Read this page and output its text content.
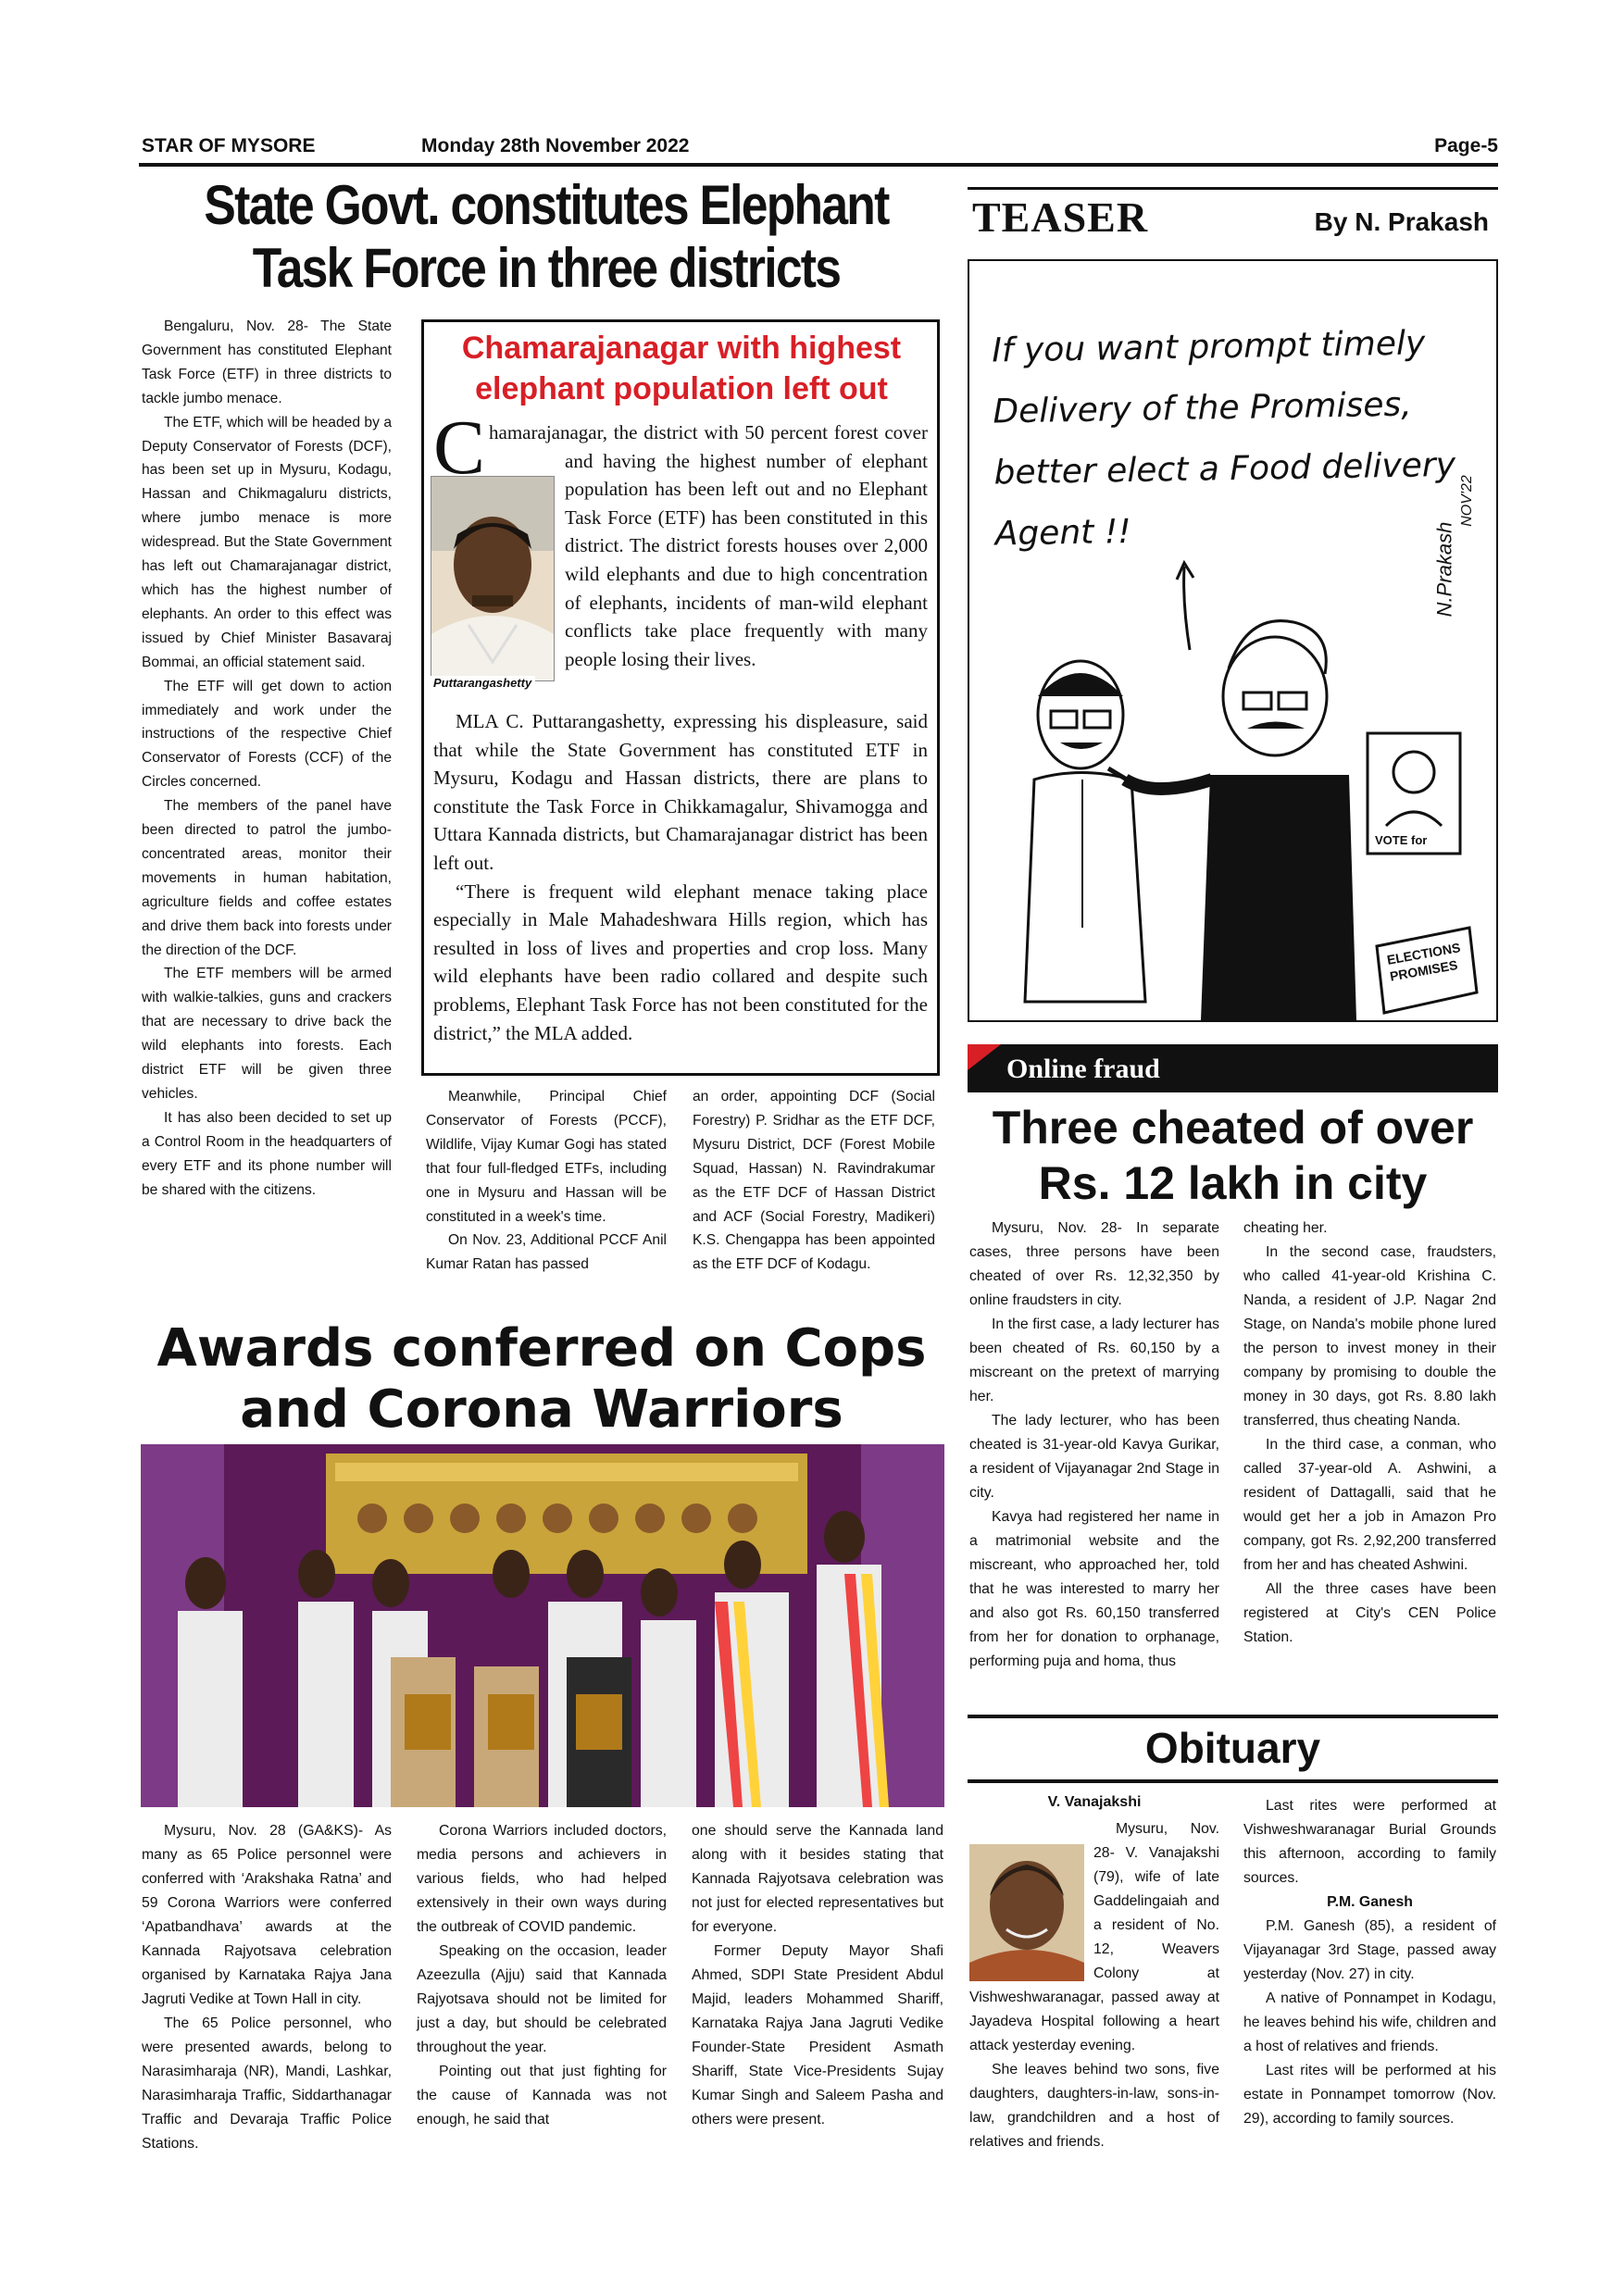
STAR OF MYSORE	Monday 28th November 2022	Page-5
State Govt. constitutes Elephant Task Force in three districts

Bengaluru, Nov. 28- The State Government has constituted Elephant Task Force (ETF) in three districts to tackle jumbo menace.

The ETF, which will be headed by a Deputy Conservator of Forests (DCF), has been set up in Mysuru, Kodagu, Hassan and Chikmagaluru districts, where jumbo menace is more widespread. But the State Government has left out Chamarajanagar district, which has the highest number of elephants. An order to this effect was issued by Chief Minister Basavaraj Bommai, an official statement said.

The ETF will get down to action immediately and work under the instructions of the respective Chief Conservator of Forests (CCF) of the Circles concerned.

The members of the panel have been directed to patrol the jumbo-concentrated areas, monitor their movements in human habitation, agriculture fields and coffee estates and drive them back into forests under the direction of the DCF.

The ETF members will be armed with walkie-talkies, guns and crackers that are necessary to drive back the wild elephants into forests. Each district ETF will be given three vehicles.

It has also been decided to set up a Control Room in the headquarters of every ETF and its phone number will be shared with the citizens.

Chamarajanagar with highest elephant population left out
Puttarangashetty
C hamarajanagar, the district with 50 percent forest cover and having the highest number of elephant population has been left out and no Elephant Task Force (ETF) has been constituted in this district. The district forests houses over 2,000 wild elephants and due to high concentration of elephants, incidents of man-wild elephant conflicts take place frequently with many people losing their lives.

MLA C. Puttarangashetty, expressing his displeasure, said that while the State Government has constituted ETF in Mysuru, Kodagu and Hassan districts, there are plans to constitute the Task Force in Chikkamagalur, Shivamogga and Uttara Kannada districts, but Chamarajanagar district has been left out.

“There is frequent wild elephant menace taking place especially in Male Mahadeshwara Hills region, which has resulted in loss of lives and properties and crop loss. Many wild elephants have been radio collared and despite such problems, Elephant Task Force has not been constituted for the district,” the MLA added.

Meanwhile, Principal Chief Conservator of Forests (PCCF), Wildlife, Vijay Kumar Gogi has stated that four full-fledged ETFs, including one in Mysuru and Hassan will be constituted in a week's time.

On Nov. 23, Additional PCCF Anil Kumar Ratan has passed

an order, appointing DCF (Social Forestry) P. Sridhar as the ETF DCF, Mysuru District, DCF (Forest Mobile Squad, Hassan) N. Ravindrakumar as the ETF DCF of Hassan District and ACF (Social Forestry, Madikeri) K.S. Chengappa has been appointed as the ETF DCF of Kodagu.

TEASER	By N. Prakash
If you want prompt timely Delivery of the Promises, better elect a Food delivery Agent !!
NOV'22
N.Prakash
VOTE for
ELECTIONS PROMISES
Online fraud
Three cheated of over Rs. 12 lakh in city

Mysuru, Nov. 28- In separate cases, three persons have been cheated of over Rs. 12,32,350 by online fraudsters in city.

In the first case, a lady lecturer has been cheated of Rs. 60,150 by a miscreant on the pretext of marrying her.

The lady lecturer, who has been cheated is 31-year-old Kavya Gurikar, a resident of Vijayanagar 2nd Stage in city.

Kavya had registered her name in a matrimonial website and the miscreant, who approached her, told that he was interested to marry her and also got Rs. 60,150 transferred from her for donation to orphanage, performing puja and homa, thus

cheating her.

In the second case, fraudsters, who called 41-year-old Krishina C. Nanda, a resident of J.P. Nagar 2nd Stage, on Nanda's mobile phone lured the person to invest money in their company by promising to double the money in 30 days, got Rs. 8.80 lakh transferred, thus cheating Nanda.

In the third case, a conman, who called 37-year-old A. Ashwini, a resident of Dattagalli, said that he would get her a job in Amazon Pro company, got Rs. 2,92,200 transferred from her and has cheated Ashwini.

All the three cases have been registered at City's CEN Police Station.

Awards conferred on Cops and Corona Warriors

Mysuru, Nov. 28 (GA&KS)- As many as 65 Police personnel were conferred with ‘Arakshaka Ratna’ and 59 Corona Warriors were conferred ‘Apatbandhava’ awards at the Kannada Rajyotsava celebration organised by Karnataka Rajya Jana Jagruti Vedike at Town Hall in city.

The 65 Police personnel, who were presented awards, belong to Narasimharaja (NR), Mandi, Lashkar, Narasimharaja Traffic, Siddarthanagar Traffic and Devaraja Traffic Police Stations.

Corona Warriors included doctors, media persons and achievers in various fields, who had helped extensively in their own ways during the outbreak of COVID pandemic.

Speaking on the occasion, leader Azeezulla (Ajju) said that Kannada Rajyotsava should not be limited for just a day, but should be celebrated throughout the year.

Pointing out that just fighting for the cause of Kannada was not enough, he said that

one should serve the Kannada land along with it besides stating that Kannada Rajyotsava celebration was not just for elected representatives but for everyone.

Former Deputy Mayor Shafi Ahmed, SDPI State President Abdul Majid, leaders Mohammed Shariff, Karnataka Rajya Jana Jagruti Vedike Founder-State President Asmath Shariff, State Vice-Presidents Sujay Kumar Singh and Saleem Pasha and others were present.

Obituary
V. Vanajakshi

Mysuru, Nov. 28- V. Vanajakshi (79), wife of late Gaddelingaiah and a resident of No. 12, Weavers Colony at Vishweshwaranagar, passed away at Jayadeva Hospital following a heart attack yesterday evening.

She leaves behind two sons, five daughters, daughters-in-law, sons-in-law, grandchildren and a host of relatives and friends.

Last rites were performed at Vishweshwaranagar Burial Grounds this afternoon, according to family sources.

P.M. Ganesh

P.M. Ganesh (85), a resident of Vijayanagar 3rd Stage, passed away yesterday (Nov. 27) in city.

A native of Ponnampet in Kodagu, he leaves behind his wife, children and a host of relatives and friends.

Last rites will be performed at his estate in Ponnampet tomorrow (Nov. 29), according to family sources.
